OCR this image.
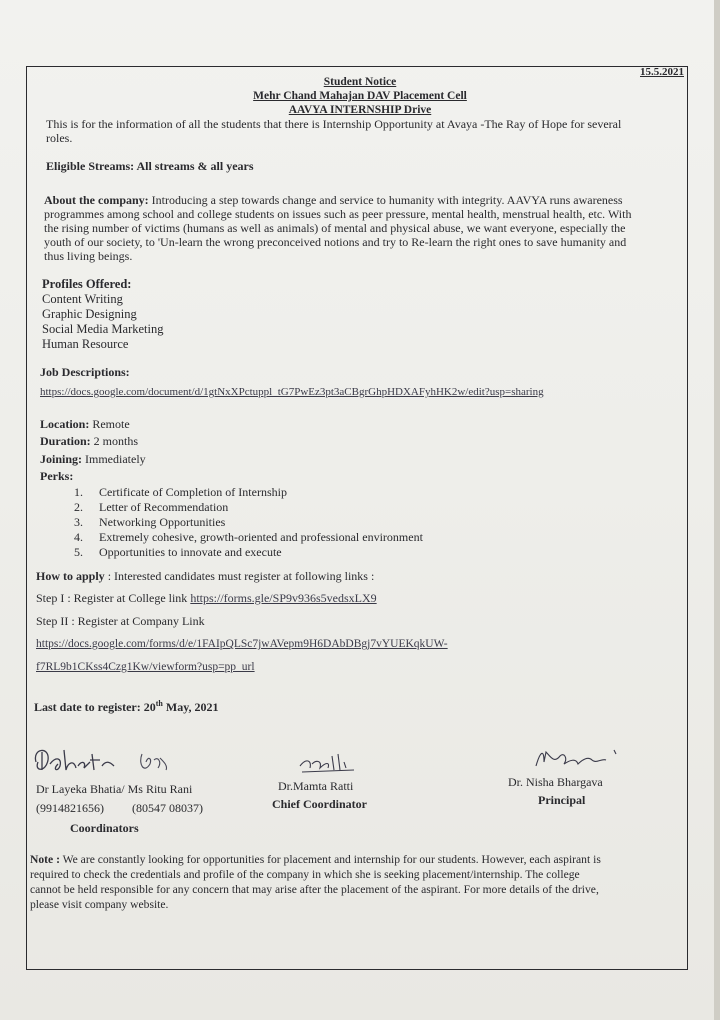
15.5.2021
Student Notice
Mehr Chand Mahajan DAV Placement Cell
AAVYA INTERNSHIP Drive
This is for the information of all the students that there is Internship Opportunity at Avaya -The Ray of Hope for several
roles.
Eligible Streams: All streams & all years
About the company: Introducing a step towards change and service to humanity with integrity. AAVYA runs awareness
programmes among school and college students on issues such as peer pressure, mental health, menstrual health, etc. With
the rising number of victims (humans as well as animals) of mental and physical abuse, we want everyone, especially the
youth of our society, to 'Un-learn the wrong preconceived notions and try to Re-learn the right ones to save humanity and
thus living beings.
Profiles Offered:
Content Writing
Graphic Designing
Social Media Marketing
Human Resource
Job Descriptions:
https://docs.google.com/document/d/1gtNxXPctuppl_tG7PwEz3pt3aCBgrGhpHDXAFyhHK2w/edit?usp=sharing
Location: Remote
Duration: 2 months
Joining: Immediately
Perks:
1.	Certificate of Completion of Internship
2.	Letter of Recommendation
3.	Networking Opportunities
4.	Extremely cohesive, growth-oriented and professional environment
5.	Opportunities to innovate and execute
How to apply : Interested candidates must register at following links :
Step I : Register at College link https://forms.gle/SP9v936s5vedsxLX9
Step II : Register at Company Link
https://docs.google.com/forms/d/e/1FAIpQLSc7jwAVepm9H6DAbDBgj7vYUEKqkUW-
f7RL9b1CKss4Czg1Kw/viewform?usp=pp_url
Last date to register: 20th May, 2021
Dr Layeka Bhatia/ Ms Ritu Rani
(9914821656) (80547 08037)
Coordinators
Dr.Mamta Ratti
Chief Coordinator
Dr. Nisha Bhargava
Principal
Note : We are constantly looking for opportunities for placement and internship for our students. However, each aspirant is
required to check the credentials and profile of the company in which she is seeking placement/internship. The college
cannot be held responsible for any concern that may arise after the placement of the aspirant. For more details of the drive,
please visit company website.
